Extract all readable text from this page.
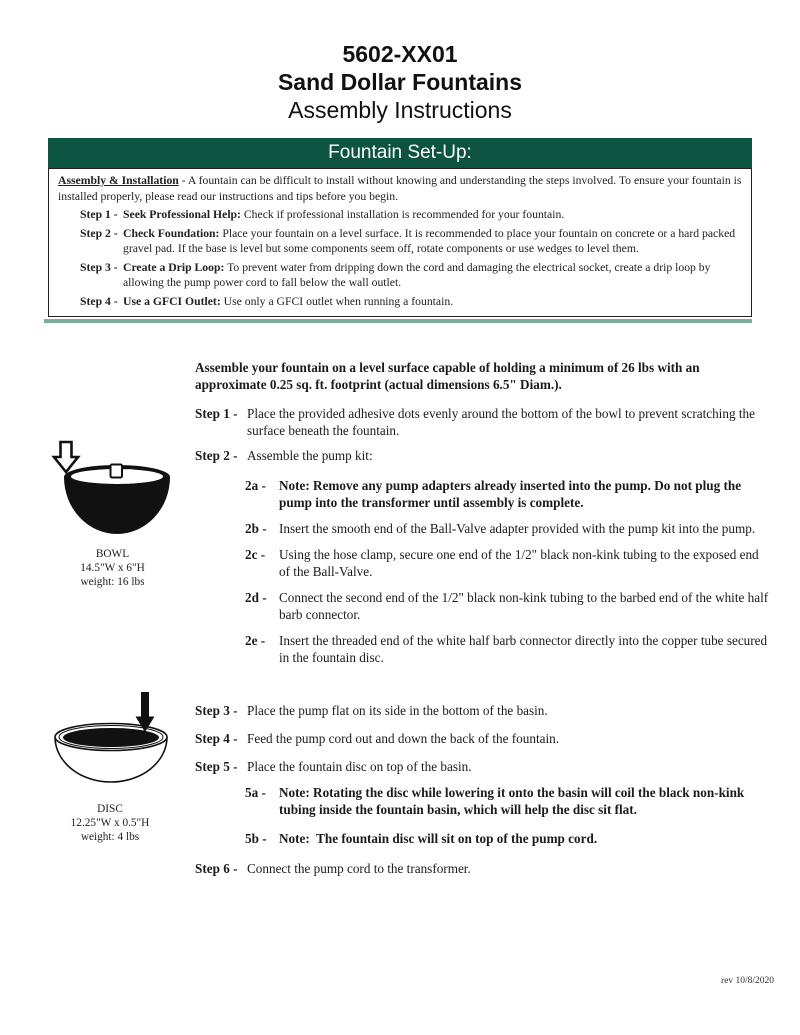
5602-XX01
Sand Dollar Fountains
Assembly Instructions
Fountain Set-Up:

Assembly & Installation - A fountain can be difficult to install without knowing and understanding the steps involved. To ensure your fountain is installed properly, please read our instructions and tips before you begin.

Step 1 - Seek Professional Help: Check if professional installation is recommended for your fountain.
Step 2 - Check Foundation: Place your fountain on a level surface. It is recommended to place your fountain on concrete or a hard packed gravel pad. If the base is level but some components seem off, rotate components or use wedges to level them.
Step 3 - Create a Drip Loop: To prevent water from dripping down the cord and damaging the electrical socket, create a drip loop by allowing the pump power cord to fall below the wall outlet.
Step 4 - Use a GFCI Outlet: Use only a GFCI outlet when running a fountain.

Assemble your fountain on a level surface capable of holding a minimum of 26 lbs with an approximate 0.25 sq. ft. footprint (actual dimensions 6.5" Diam.).

Step 1 - Place the provided adhesive dots evenly around the bottom of the bowl to prevent scratching the surface beneath the fountain.
Step 2 - Assemble the pump kit:
2a - Note: Remove any pump adapters already inserted into the pump. Do not plug the pump into the transformer until assembly is complete.
2b - Insert the smooth end of the Ball-Valve adapter provided with the pump kit into the pump.
2c -	Using the hose clamp, secure one end of the 1/2" black non-kink tubing to the exposed end of the Ball-Valve.
2d - Connect the second end of the 1/2" black non-kink tubing to the barbed end of the white half barb connector.
2e -	Insert the threaded end of the white half barb connector directly into the copper tube secured in the fountain disc.
Step 3 - Place the pump flat on its side in the bottom of the basin.
Step 4 - Feed the pump cord out and down the back of the fountain.
Step 5 - Place the fountain disc on top of the basin.
5a - Note: Rotating the disc while lowering it onto the basin will coil the black non-kink tubing inside the fountain basin, which will help the disc sit flat.
5b - Note:  The fountain disc will sit on top of the pump cord.
Step 6 - Connect the pump cord to the transformer.
BOWL
14.5"W x 6"H
weight: 16 lbs
DISC
12.25"W x 0.5"H
weight: 4 lbs
rev 10/8/2020
